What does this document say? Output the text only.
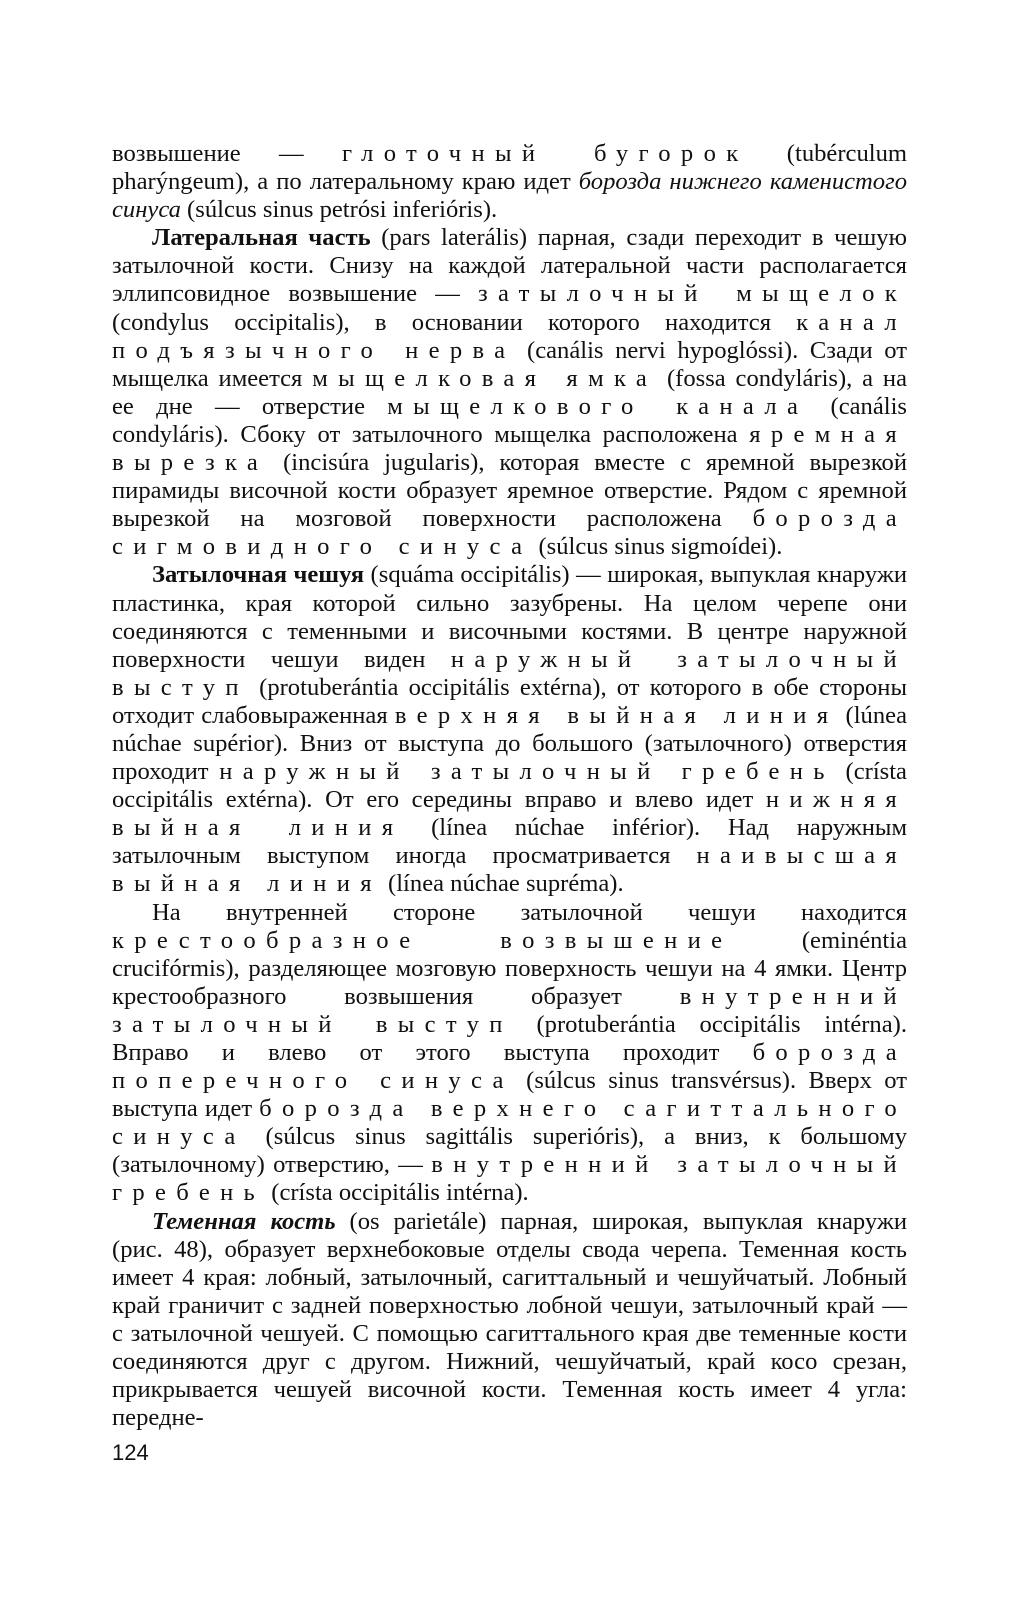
возвышение — глоточный бугорок (tubérculum pharýngeum), а по латеральному краю идет борозда нижнего каменистого синуса (súlcus sinus petrósi inferióris).

Латеральная часть (pars laterális) парная, сзади переходит в чешую затылочной кости. Снизу на каждой латеральной части располагается эллипсовидное возвышение — затылочный мыщелок (condylus occipitalis), в основании которого находится канал подъязычного нерва (canális nervi hypoglóssi). Сзади от мыщелка имеется мыщелковая ямка (fossa condyláris), а на ее дне — отверстие мыщелкового канала (canális condyláris). Сбоку от затылочного мыщелка расположена яремная вырезка (incisúra jugularis), которая вместе с яремной вырезкой пирамиды височной кости образует яремное отверстие. Рядом с яремной вырезкой на мозговой поверхности расположена борозда сигмовидного синуса (súlcus sinus sigmoídei).

Затылочная чешуя (squáma occipitális) — широкая, выпуклая кнаружи пластинка, края которой сильно зазубрены. На целом черепе они соединяются с теменными и височными костями. В центре наружной поверхности чешуи виден наружный затылочный выступ (protuberántia occipitális extérna), от которого в обе стороны отходит слабовыраженная верхняя выйная линия (lúnea núchae supérior). Вниз от выступа до большого (затылочного) отверстия проходит наружный затылочный гребень (crísta occipitális extérna). От его середины вправо и влево идет нижняя выйная линия (línea núchae inférior). Над наружным затылочным выступом иногда просматривается наивысшая выйная линия (línea núchae supréma).

На внутренней стороне затылочной чешуи находится крестообразное возвышение (eminéntia crucifórmis), разделяющее мозговую поверхность чешуи на 4 ямки. Центр крестообразного возвышения образует внутренний затылочный выступ (protuberántia occipitális intérna). Вправо и влево от этого выступа проходит борозда поперечного синуса (súlcus sinus transvérsus). Вверх от выступа идет борозда верхнего сагиттального синуса (súlcus sinus sagittális superióris), а вниз, к большому (затылочному) отверстию, — внутренний затылочный гребень (crísta occipitális intérna).

Теменная кость (os parietále) парная, широкая, выпуклая кнаружи (рис. 48), образует верхнебоковые отделы свода черепа. Теменная кость имеет 4 края: лобный, затылочный, сагиттальный и чешуйчатый. Лобный край граничит с задней поверхностью лобной чешуи, затылочный край — с затылочной чешуей. С помощью сагиттального края две теменные кости соединяются друг с другом. Нижний, чешуйчатый, край косо срезан, прикрывается чешуей височной кости. Теменная кость имеет 4 угла: передне-

124
